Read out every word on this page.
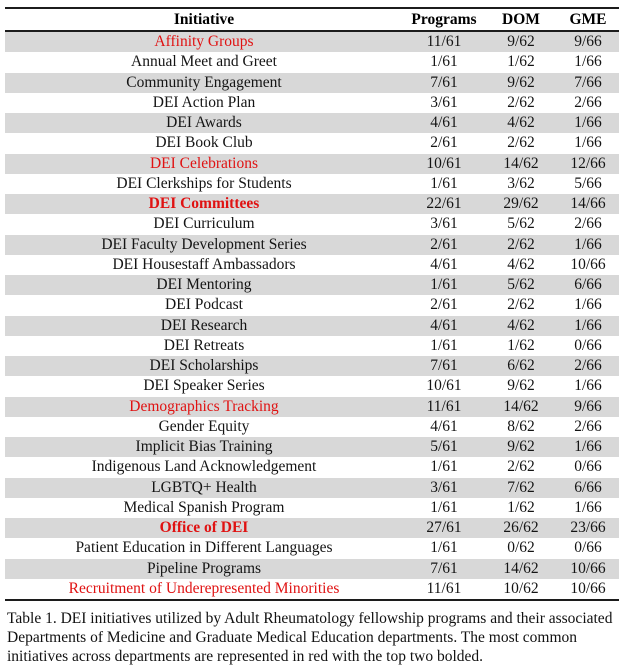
Initiative	Programs	DOM	GME
Affinity Groups	11/61	9/62	9/66
Annual Meet and Greet	1/61	1/62	1/66
Community Engagement	7/61	9/62	7/66
DEI Action Plan	3/61	2/62	2/66
DEI Awards	4/61	4/62	1/66
DEI Book Club	2/61	2/62	1/66
DEI Celebrations	10/61	14/62	12/66
DEI Clerkships for Students	1/61	3/62	5/66
DEI Committees	22/61	29/62	14/66
DEI Curriculum	3/61	5/62	2/66
DEI Faculty Development Series	2/61	2/62	1/66
DEI Housestaff Ambassadors	4/61	4/62	10/66
DEI Mentoring	1/61	5/62	6/66
DEI Podcast	2/61	2/62	1/66
DEI Research	4/61	4/62	1/66
DEI Retreats	1/61	1/62	0/66
DEI Scholarships	7/61	6/62	2/66
DEI Speaker Series	10/61	9/62	1/66
Demographics Tracking	11/61	14/62	9/66
Gender Equity	4/61	8/62	2/66
Implicit Bias Training	5/61	9/62	1/66
Indigenous Land Acknowledgement	1/61	2/62	0/66
LGBTQ+ Health	3/61	7/62	6/66
Medical Spanish Program	1/61	1/62	1/66
Office of DEI	27/61	26/62	23/66
Patient Education in Different Languages	1/61	0/62	0/66
Pipeline Programs	7/61	14/62	10/66
Recruitment of Underepresented Minorities	11/61	10/62	10/66

Table 1. DEI initiatives utilized by Adult Rheumatology fellowship programs and their associated Departments of Medicine and Graduate Medical Education departments. The most common initiatives across departments are represented in red with the top two bolded.
